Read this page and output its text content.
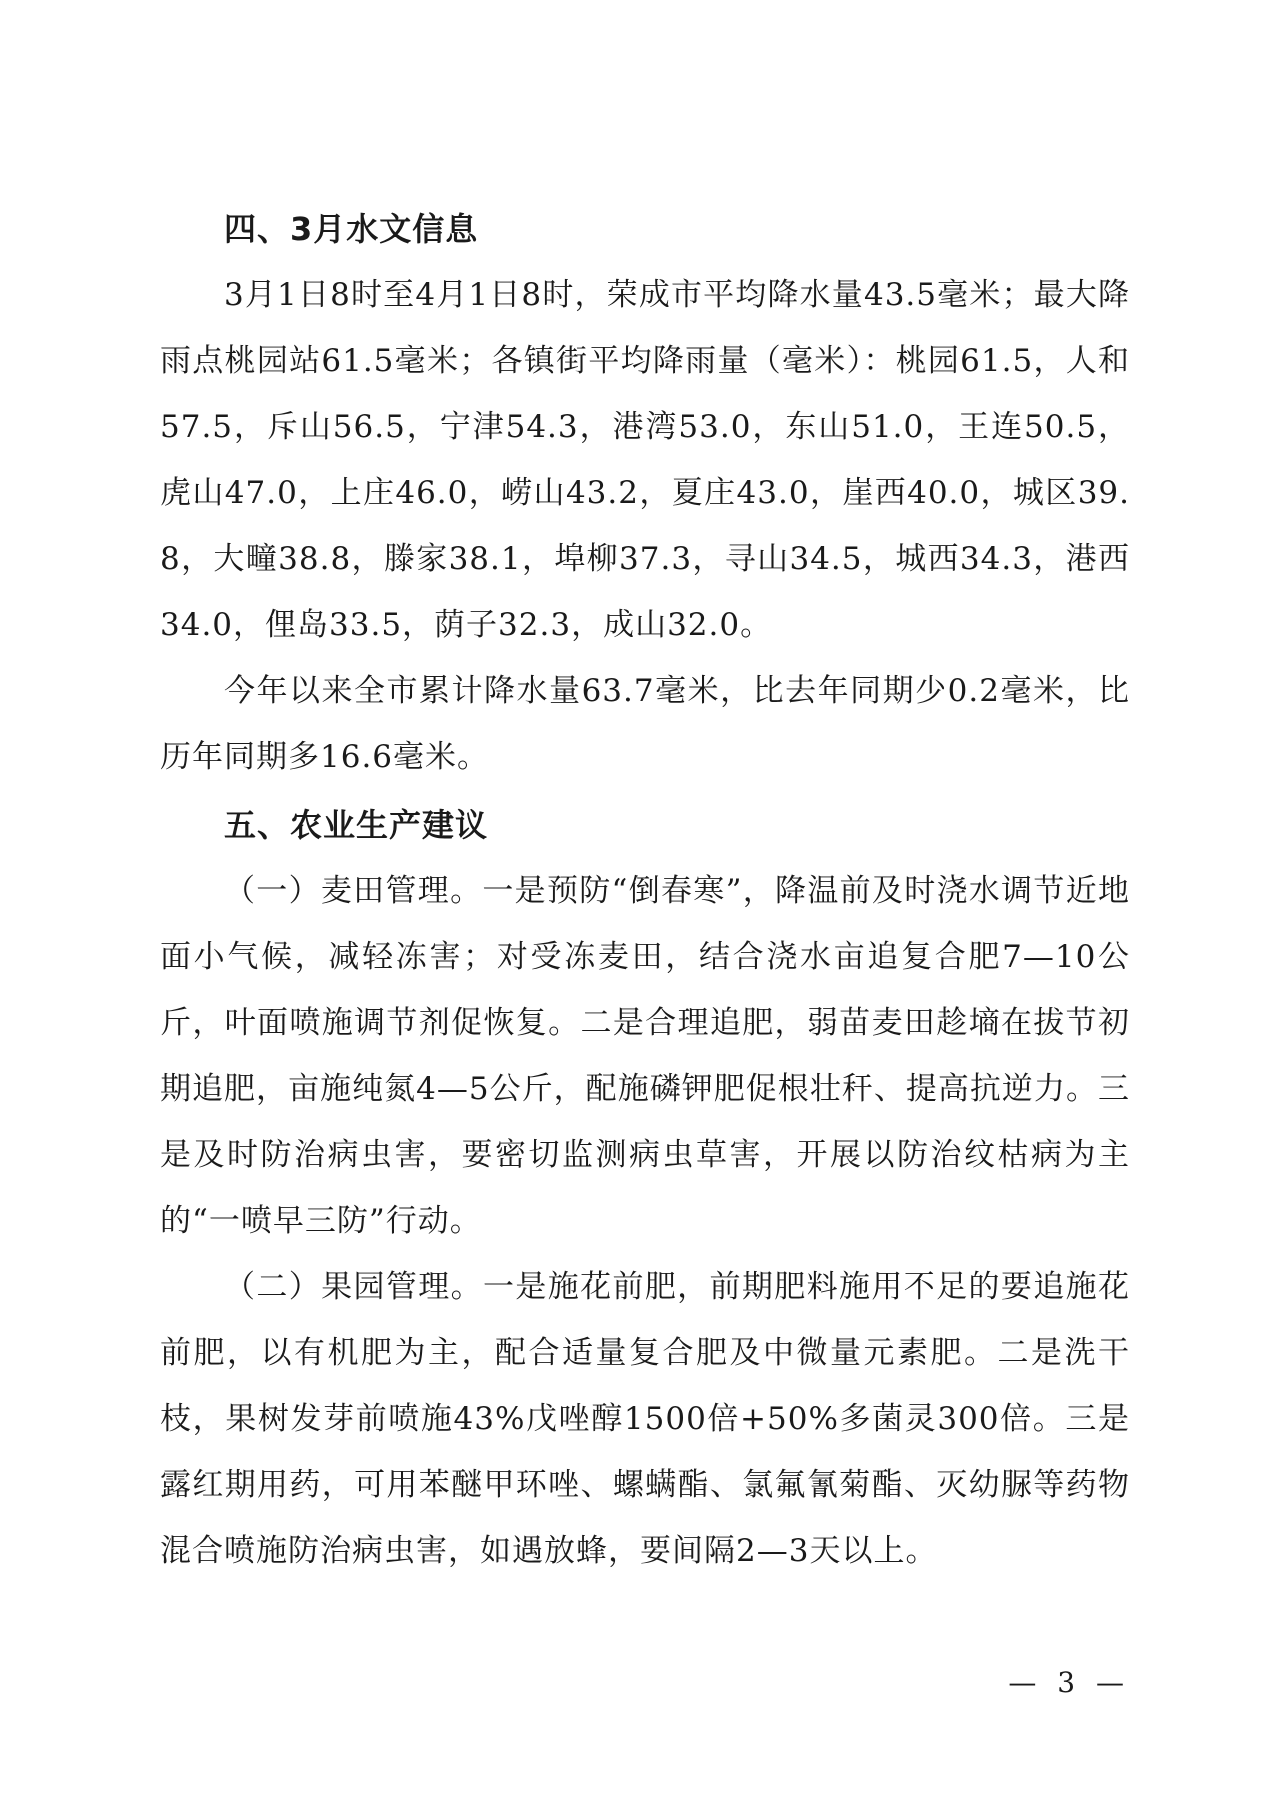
四、3月水文信息

3月1日8时至4月1日8时，荣成市平均降水量43.5毫米；最大降雨点桃园站61.5毫米；各镇街平均降雨量（毫米）：桃园61.5，人和57.5，斥山56.5，宁津54.3，港湾53.0，东山51.0，王连50.5，虎山47.0，上庄46.0，崂山43.2，夏庄43.0，崖西40.0，城区39.8，大疃38.8，滕家38.1，埠柳37.3，寻山34.5，城西34.3，港西34.0，俚岛33.5，荫子32.3，成山32.0。

今年以来全市累计降水量63.7毫米，比去年同期少0.2毫米，比历年同期多16.6毫米。

五、农业生产建议

（一）麦田管理。一是预防“倒春寒”，降温前及时浇水调节近地面小气候，减轻冻害；对受冻麦田，结合浇水亩追复合肥7—10公斤，叶面喷施调节剂促恢复。二是合理追肥，弱苗麦田趁墒在拔节初期追肥，亩施纯氮4—5公斤，配施磷钾肥促根壮秆、提高抗逆力。三是及时防治病虫害，要密切监测病虫草害，开展以防治纹枯病为主的“一喷早三防”行动。

（二）果园管理。一是施花前肥，前期肥料施用不足的要追施花前肥，以有机肥为主，配合适量复合肥及中微量元素肥。二是洗干枝，果树发芽前喷施43%戊唑醇1500倍+50%多菌灵300倍。三是露红期用药，可用苯醚甲环唑、螺螨酯、氯氟氰菊酯、灭幼脲等药物混合喷施防治病虫害，如遇放蜂，要间隔2—3天以上。

— 3 —
